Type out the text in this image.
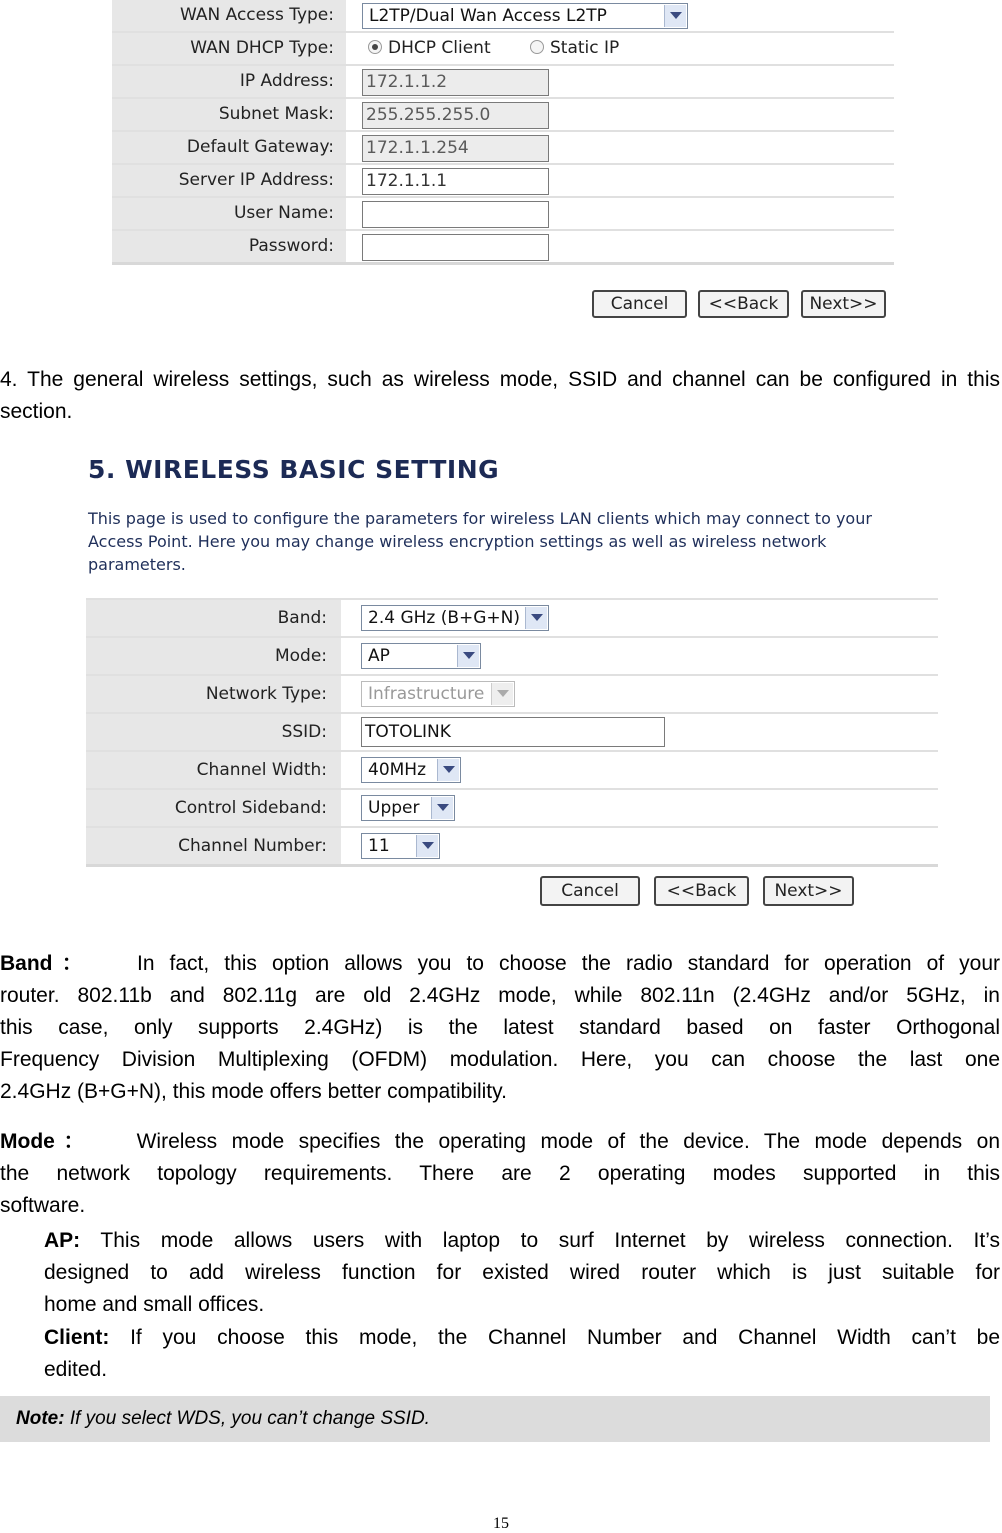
WAN Access Type:	L2TP/Dual Wan Access L2TP
WAN DHCP Type:	DHCP Client	Static IP
IP Address:	172.1.1.2
Subnet Mask:	255.255.255.0
Default Gateway:	172.1.1.254
Server IP Address:	172.1.1.1
User Name:
Password:
Cancel	<<Back	Next>>
4. The general wireless settings, such as wireless mode, SSID and channel can be configured in this section.
5. WIRELESS BASIC SETTING
This page is used to configure the parameters for wireless LAN clients which may connect to your Access Point. Here you may change wireless encryption settings as well as wireless network parameters.
Band:	2.4 GHz (B+G+N)
Mode:	AP
Network Type:	Infrastructure
SSID:	TOTOLINK
Channel Width:	40MHz
Control Sideband:	Upper
Channel Number:	11
Cancel	<<Back	Next>>
Band： In fact, this option allows you to choose the radio standard for operation of your
router. 802.11b and 802.11g are old 2.4GHz mode, while 802.11n (2.4GHz and/or 5GHz, in
this case, only supports 2.4GHz) is the latest standard based on faster Orthogonal
Frequency Division Multiplexing (OFDM) modulation. Here, you can choose the last one
2.4GHz (B+G+N), this mode offers better compatibility.
Mode： Wireless mode specifies the operating mode of the device. The mode depends on
the network topology requirements. There are 2 operating modes supported in this
software.
AP: This mode allows users with laptop to surf Internet by wireless connection. It’s
designed to add wireless function for existed wired router which is just suitable for
home and small offices.
Client: If you choose this mode, the Channel Number and Channel Width can’t be
edited.
Note: If you select WDS, you can’t change SSID.
15
